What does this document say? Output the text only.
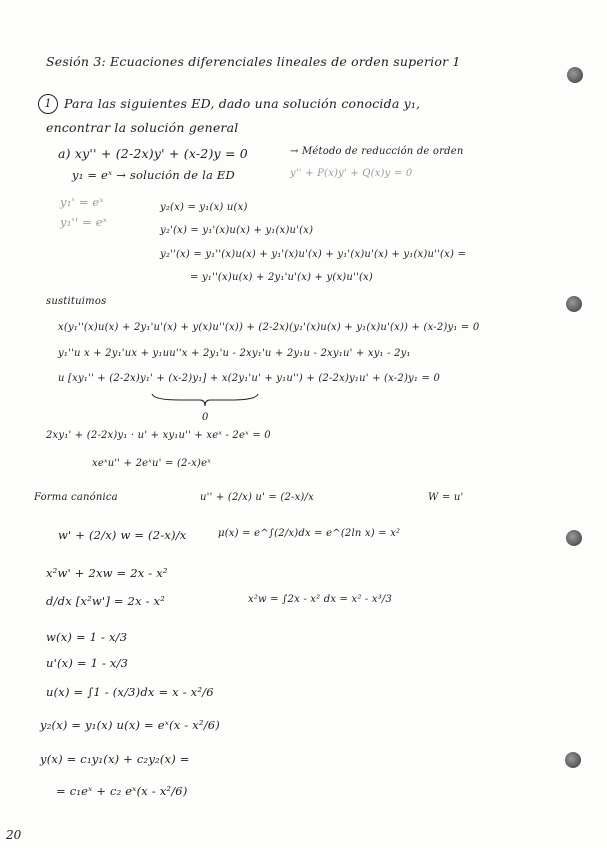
Sesión 3: Ecuaciones diferenciales lineales de orden superior 1
1	Para las siguientes ED, dado una solución conocida y₁,
encontrar la solución general
a) xy'' + (2-2x)y' + (x-2)y = 0	→ Método de reducción de orden
y₁ = eˣ → solución de la ED	y'' + P(x)y' + Q(x)y = 0
y₁' = eˣ
y₁'' = eˣ
y₂(x) = y₁(x) u(x)
y₂'(x) = y₁'(x)u(x) + y₁(x)u'(x)
y₂''(x) = y₁''(x)u(x) + y₁'(x)u'(x) + y₁'(x)u'(x) + y₁(x)u''(x) =
= y₁''(x)u(x) + 2y₁'u'(x) + y(x)u''(x)
sustituimos
x(y₁''(x)u(x) + 2y₁'u'(x) + y(x)u''(x)) + (2-2x)(y₁'(x)u(x) + y₁(x)u'(x)) + (x-2)y₁ = 0
y₁''u x + 2y₁'ux + y₁uu''x + 2y₁'u - 2xy₁'u + 2y₁u - 2xy₁u' + xy₁ - 2y₁
u [xy₁'' + (2-2x)y₁' + (x-2)y₁] + x(2y₁'u' + y₁u'') + (2-2x)y₁u' + (x-2)y₁ = 0
0
2xy₁' + (2-2x)y₁ · u' + xy₁u'' + xeˣ - 2eˣ = 0
xeˣu'' + 2eˣu' = (2-x)eˣ
Forma canónica	u'' + (2/x) u' = (2-x)/x	W = u'
w' + (2/x) w = (2-x)/x	μ(x) = e^∫(2/x)dx = e^(2ln x) = x²
x²w' + 2xw = 2x - x²
d/dx [x²w'] = 2x - x²	x²w = ∫2x - x² dx = x² - x³/3
w(x) = 1 - x/3
u'(x) = 1 - x/3
u(x) = ∫1 - (x/3)dx = x - x²/6
y₂(x) = y₁(x) u(x) = eˣ(x - x²/6)
y(x) = c₁y₁(x) + c₂y₂(x) =
= c₁eˣ + c₂ eˣ(x - x²/6)
20
